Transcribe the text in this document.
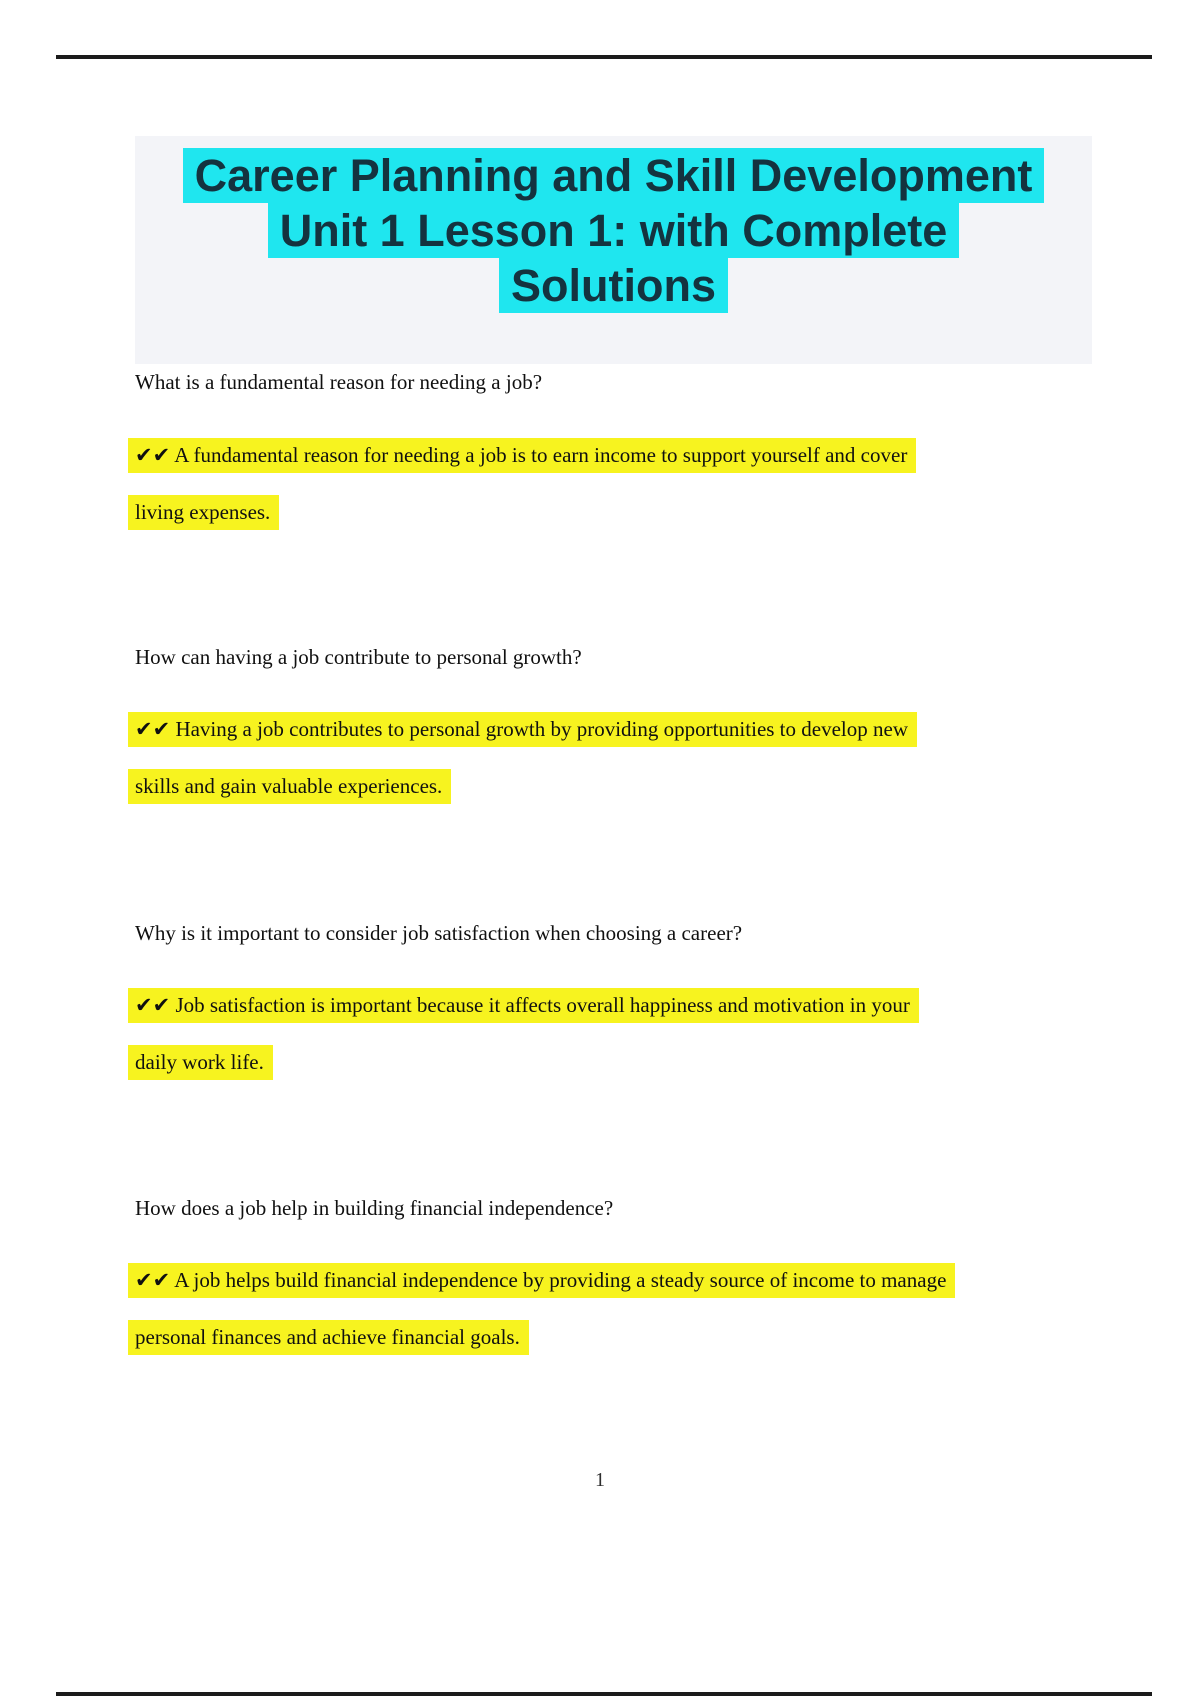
Career Planning and Skill Development
Unit 1 Lesson 1: with Complete
Solutions
What is a fundamental reason for needing a job?
✔✔ A fundamental reason for needing a job is to earn income to support yourself and cover
living expenses.
How can having a job contribute to personal growth?
✔✔ Having a job contributes to personal growth by providing opportunities to develop new
skills and gain valuable experiences.
Why is it important to consider job satisfaction when choosing a career?
✔✔ Job satisfaction is important because it affects overall happiness and motivation in your
daily work life.
How does a job help in building financial independence?
✔✔ A job helps build financial independence by providing a steady source of income to manage
personal finances and achieve financial goals.
1
